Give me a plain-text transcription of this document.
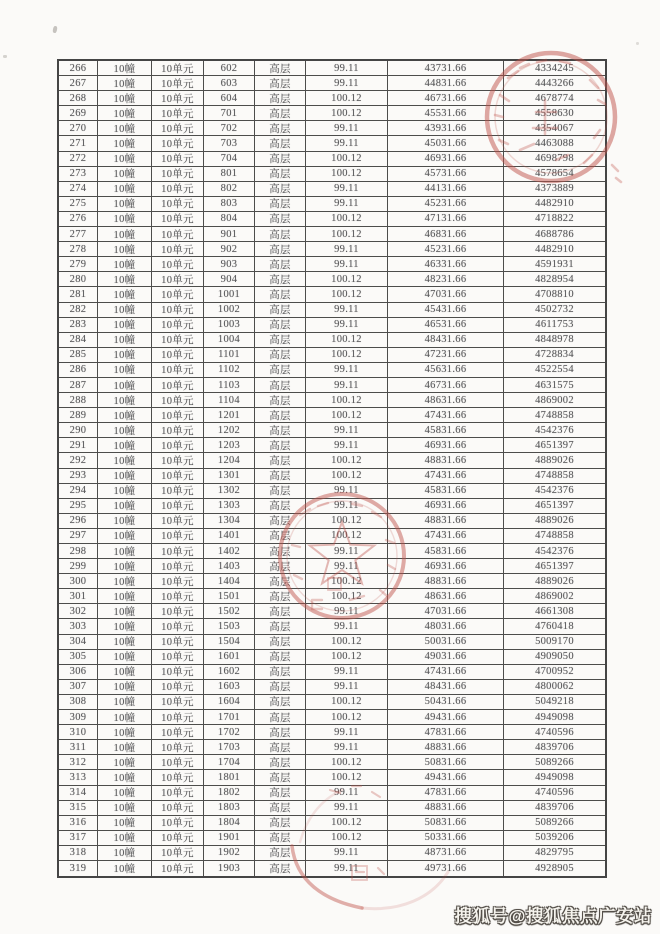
266	10幢	10单元	602	高层	99.11	43731.66	4334245
267	10幢	10单元	603	高层	99.11	44831.66	4443266
268	10幢	10单元	604	高层	100.12	46731.66	4678774
269	10幢	10单元	701	高层	100.12	45531.66	4558630
270	10幢	10单元	702	高层	99.11	43931.66	4354067
271	10幢	10单元	703	高层	99.11	45031.66	4463088
272	10幢	10单元	704	高层	100.12	46931.66	4698798
273	10幢	10单元	801	高层	100.12	45731.66	4578654
274	10幢	10单元	802	高层	99.11	44131.66	4373889
275	10幢	10单元	803	高层	99.11	45231.66	4482910
276	10幢	10单元	804	高层	100.12	47131.66	4718822
277	10幢	10单元	901	高层	100.12	46831.66	4688786
278	10幢	10单元	902	高层	99.11	45231.66	4482910
279	10幢	10单元	903	高层	99.11	46331.66	4591931
280	10幢	10单元	904	高层	100.12	48231.66	4828954
281	10幢	10单元	1001	高层	100.12	47031.66	4708810
282	10幢	10单元	1002	高层	99.11	45431.66	4502732
283	10幢	10单元	1003	高层	99.11	46531.66	4611753
284	10幢	10单元	1004	高层	100.12	48431.66	4848978
285	10幢	10单元	1101	高层	100.12	47231.66	4728834
286	10幢	10单元	1102	高层	99.11	45631.66	4522554
287	10幢	10单元	1103	高层	99.11	46731.66	4631575
288	10幢	10单元	1104	高层	100.12	48631.66	4869002
289	10幢	10单元	1201	高层	100.12	47431.66	4748858
290	10幢	10单元	1202	高层	99.11	45831.66	4542376
291	10幢	10单元	1203	高层	99.11	46931.66	4651397
292	10幢	10单元	1204	高层	100.12	48831.66	4889026
293	10幢	10单元	1301	高层	100.12	47431.66	4748858
294	10幢	10单元	1302	高层	99.11	45831.66	4542376
295	10幢	10单元	1303	高层	99.11	46931.66	4651397
296	10幢	10单元	1304	高层	100.12	48831.66	4889026
297	10幢	10单元	1401	高层	100.12	47431.66	4748858
298	10幢	10单元	1402	高层	99.11	45831.66	4542376
299	10幢	10单元	1403	高层	99.11	46931.66	4651397
300	10幢	10单元	1404	高层	100.12	48831.66	4889026
301	10幢	10单元	1501	高层	100.12	48631.66	4869002
302	10幢	10单元	1502	高层	99.11	47031.66	4661308
303	10幢	10单元	1503	高层	99.11	48031.66	4760418
304	10幢	10单元	1504	高层	100.12	50031.66	5009170
305	10幢	10单元	1601	高层	100.12	49031.66	4909050
306	10幢	10单元	1602	高层	99.11	47431.66	4700952
307	10幢	10单元	1603	高层	99.11	48431.66	4800062
308	10幢	10单元	1604	高层	100.12	50431.66	5049218
309	10幢	10单元	1701	高层	100.12	49431.66	4949098
310	10幢	10单元	1702	高层	99.11	47831.66	4740596
311	10幢	10单元	1703	高层	99.11	48831.66	4839706
312	10幢	10单元	1704	高层	100.12	50831.66	5089266
313	10幢	10单元	1801	高层	100.12	49431.66	4949098
314	10幢	10单元	1802	高层	99.11	47831.66	4740596
315	10幢	10单元	1803	高层	99.11	48831.66	4839706
316	10幢	10单元	1804	高层	100.12	50831.66	5089266
317	10幢	10单元	1901	高层	100.12	50331.66	5039206
318	10幢	10单元	1902	高层	99.11	48731.66	4829795
319	10幢	10单元	1903	高层	99.11	49731.66	4928905
搜狐号@搜狐焦点广安站
